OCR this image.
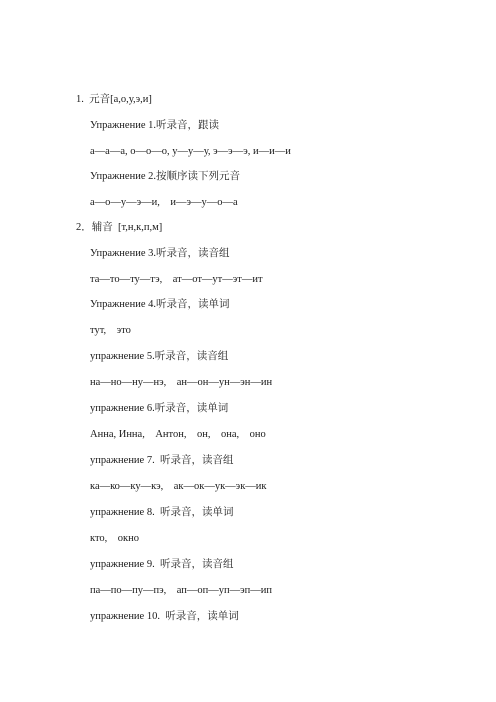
1.  元音[а,о,у,э,и]
Упражнение 1.听录音，跟读
а—а—а, о—о—о, у—у—у, э—э—э, и—и—и
Упражнение 2.按顺序读下列元音
а—о—у—э—и,    и—э—у—о—а
2．辅音  [т,н,к,п,м]
Упражнение 3.听录音，读音组
та—то—ту—тэ,    ат—от—ут—эт—ит
Упражнение 4.听录音，读单词
тут,    это
упражнение 5.听录音，读音组
на—но—ну—нэ,    ан—он—ун—эн—ин
упражнение 6.听录音，读单词
Анна, Инна,    Антон,    он,    она,    оно
упражнение 7.  听录音，读音组
ка—ко—ку—кэ,    ак—ок—ук—эк—ик
упражнение 8.  听录音，读单词
кто,    окно
упражнение 9.  听录音，读音组
па—по—пу—пэ,    ап—оп—уп—эп—ип
упражнение 10.  听录音，读单词
